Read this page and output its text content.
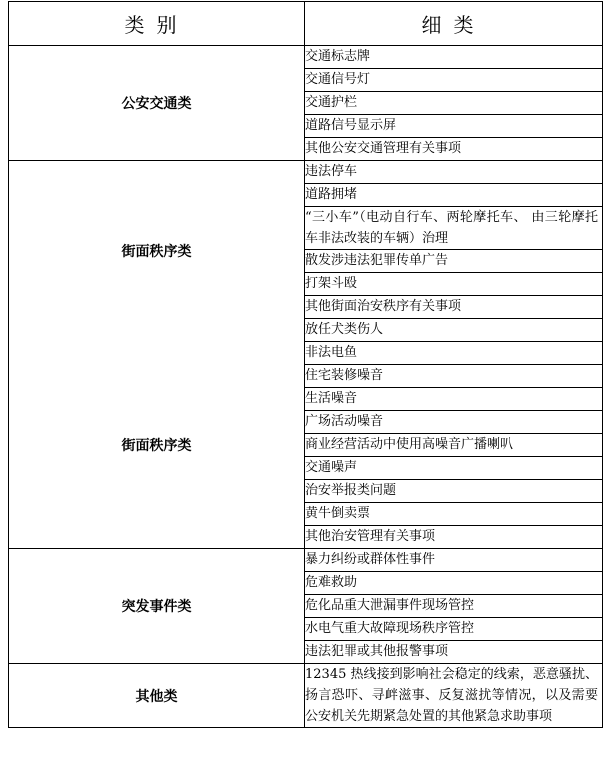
类别	细类
公安交通类	交通标志牌
	交通信号灯
	交通护栏
	道路信号显示屏
	其他公安交通管理有关事项
街面秩序类	违法停车
	道路拥堵
	“三小车”（电动自行车、两轮摩托车、 由三轮摩托车非法改装的车辆）治理
	散发涉违法犯罪传单广告
	打架斗殴
	其他街面治安秩序有关事项
	放任犬类伤人
街面秩序类	非法电鱼
	住宅装修噪音
	生活噪音
	广场活动噪音
	商业经营活动中使用高噪音广播喇叭
	交通噪声
	治安举报类问题
	黄牛倒卖票
	其他治安管理有关事项
突发事件类	暴力纠纷或群体性事件
	危难救助
	危化品重大泄漏事件现场管控
	水电气重大故障现场秩序管控
	违法犯罪或其他报警事项
其他类	12345 热线接到影响社会稳定的线索，恶意骚扰、扬言恐吓、寻衅滋事、反复滋扰等情况，以及需要公安机关先期紧急处置的其他紧急求助事项
